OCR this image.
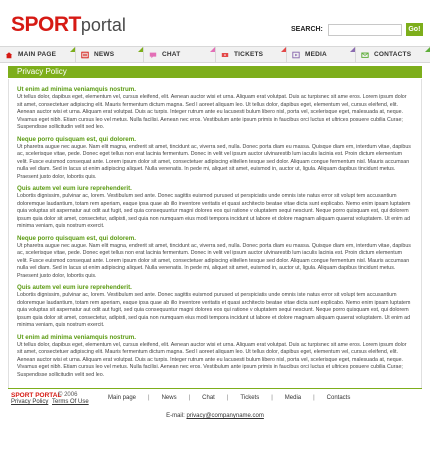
SPORTportal	SEARCH:	Go!
MAIN PAGE	NEWS	CHAT	TICKETS	MEDIA	CONTACTS
Privacy Policy
Ut enim ad minima veniamquis nostrum.

Ut tellus dolor, dapibus eget, elementum vel, cursus eleifend, elit. Aenean auctor wisi et urna. Aliquam erat volutpat. Duis ac turpisnec sit ame eros. Lorem ipsum dolor sit amet, consectetuer adipiscing elit. Mauris fermentum dictum magna. Sed l aoreet aliquam leo. Ut tellus dolor, dapibus eget, elementum vel, cursus eleifend, elit. Aenean auctor wisi et urna. Aliquam erat volutpat. Duis ac turpis. Integer rutrum ante eu lacusesti bulum libero nisl, porta vel, scelerisque eget, malesuada at, neque. Vivamus eget nibh. Etiam cursus leo vel metus. Nulla facilisi. Aenean nec eros. Vestibulum ante ipsum primis in faucibus orci luctus et ultrices posuere cubilia Curae; Suspendisse sollicitudin velit sed leo.

Neque porro quisquam est, qui dolorem.

Ut pharetra augue nec augue. Nam elit magna, endrerit sit amet, tincidunt ac, viverra sed, nulla. Donec porta diam eu massa. Quisque diam em, interdum vitae, dapibus ac, scelerisque vitae, pede. Donec eget tellus non erat lacinia fermentum. Donec in velit vel ipsum auctor ulvinarestib lum iaculis lacinia est. Proin dictum elementum velit. Fusce euismod consequat ante. Lorem ipsum dolor sit amet, consectetuer adipiscing elitellen tesque sed dolor. Aliquam congue fermentum nisl. Mauris accumsan nulla vel diam. Sed in lacus ut enim adipiscing aliquet. Nulla venenatis. In pede mi, aliquet sit amet, euismod in, auctor ut, ligula. Aliquam dapibus tincidunt metus. Praesent justo dolor, lobortis quis.

Quis autem vel eum iure reprehenderit.

Lobortis dignissim, pulvinar ac, lorem. Vestibulum sed ante. Donec sagittis euismod purused ut perspiciatis unde omnis iste natus error sit volupt tem accusantium doloremque laudantium, totam rem aperiam, eaque ipsa quae ab illo inventore veritatis et quasi architecto beatae vitae dicta sunt explicabo. Nemo enim ipsam luptatem quia voluptas sit aspernatur aut odit aut fugit, sed quia consequuntur magni dolores eos qui ratione v oluptatem sequi nesciunt. Neque porro quisquam est, qui dolorem ipsum quia dolor sit amet, consectetur, adipisti, sed quia non numquam eius modi tempora incidunt ut labore et dolore magnam aliquam quaerat voluptatem. Ut enim ad minima veniam, quis nostrum exercit.

Neque porro quisquam est, qui dolorem.

Ut pharetra augue nec augue. Nam elit magna, endrerit sit amet, tincidunt ac, viverra sed, nulla. Donec porta diam eu massa. Quisque diam em, interdum vitae, dapibus ac, scelerisque vitae, pede. Donec eget tellus non erat lacinia fermentum. Donec in velit vel ipsum auctor ulvinarestib lum iaculis lacinia est. Proin dictum elementum velit. Fusce euismod consequat ante. Lorem ipsum dolor sit amet, consectetuer adipiscing elitellen tesque sed dolor. Aliquam congue fermentum nisl. Mauris accumsan nulla vel diam. Sed in lacus ut enim adipiscing aliquet. Nulla venenatis. In pede mi, aliquet sit amet, euismod in, auctor ut, ligula. Aliquam dapibus tincidunt metus. Praesent justo dolor, lobortis quis.

Quis autem vel eum iure reprehenderit.

Lobortis dignissim, pulvinar ac, lorem. Vestibulum sed ante. Donec sagittis euismod purused ut perspiciatis unde omnis iste natus error sit volupt tem accusantium doloremque laudantium, totam rem aperiam, eaque ipsa quae ab illo inventore veritatis et quasi architecto beatae vitae dicta sunt explicabo. Nemo enim ipsam luptatem quia voluptas sit aspernatur aut odit aut fugit, sed quia consequuntur magni dolores eos qui ratione v oluptatem sequi nesciunt. Neque porro quisquam est, qui dolorem ipsum quia dolor sit amet, consectetur, adipisti, sed quia non numquam eius modi tempora incidunt ut labore et dolore magnam aliquam quaerat voluptatem. Ut enim ad minima veniam, quis nostrum exercit.

Ut enim ad minima veniamquis nostrum.

Ut tellus dolor, dapibus eget, elementum vel, cursus eleifend, elit. Aenean auctor wisi et urna. Aliquam erat volutpat. Duis ac turpisnec sit ame eros. Lorem ipsum dolor sit amet, consectetuer adipiscing elit. Mauris fermentum dictum magna. Sed l aoreet aliquam leo. Ut tellus dolor, dapibus eget, elementum vel, cursus eleifend, elit. Aenean auctor wisi et urna. Aliquam erat volutpat. Duis ac turpis. Integer rutrum ante eu lacusesti bulum libero nisl, porta vel, scelerisque eget, malesuada at, neque. Vivamus eget nibh. Etiam cursus leo vel metus. Nulla facilisi. Aenean nec eros. Vestibulum ante ipsum primis in faucibus orci luctus et ultrices posuere cubilia Curae; Suspendisse sollicitudin velit sed leo.

SPORT PORTAL
© 2006
Privacy Policy Terms Of Use
Main page | News | Chat | Tickets | Media | Contacts
E-mail: privacy@companyname.com
